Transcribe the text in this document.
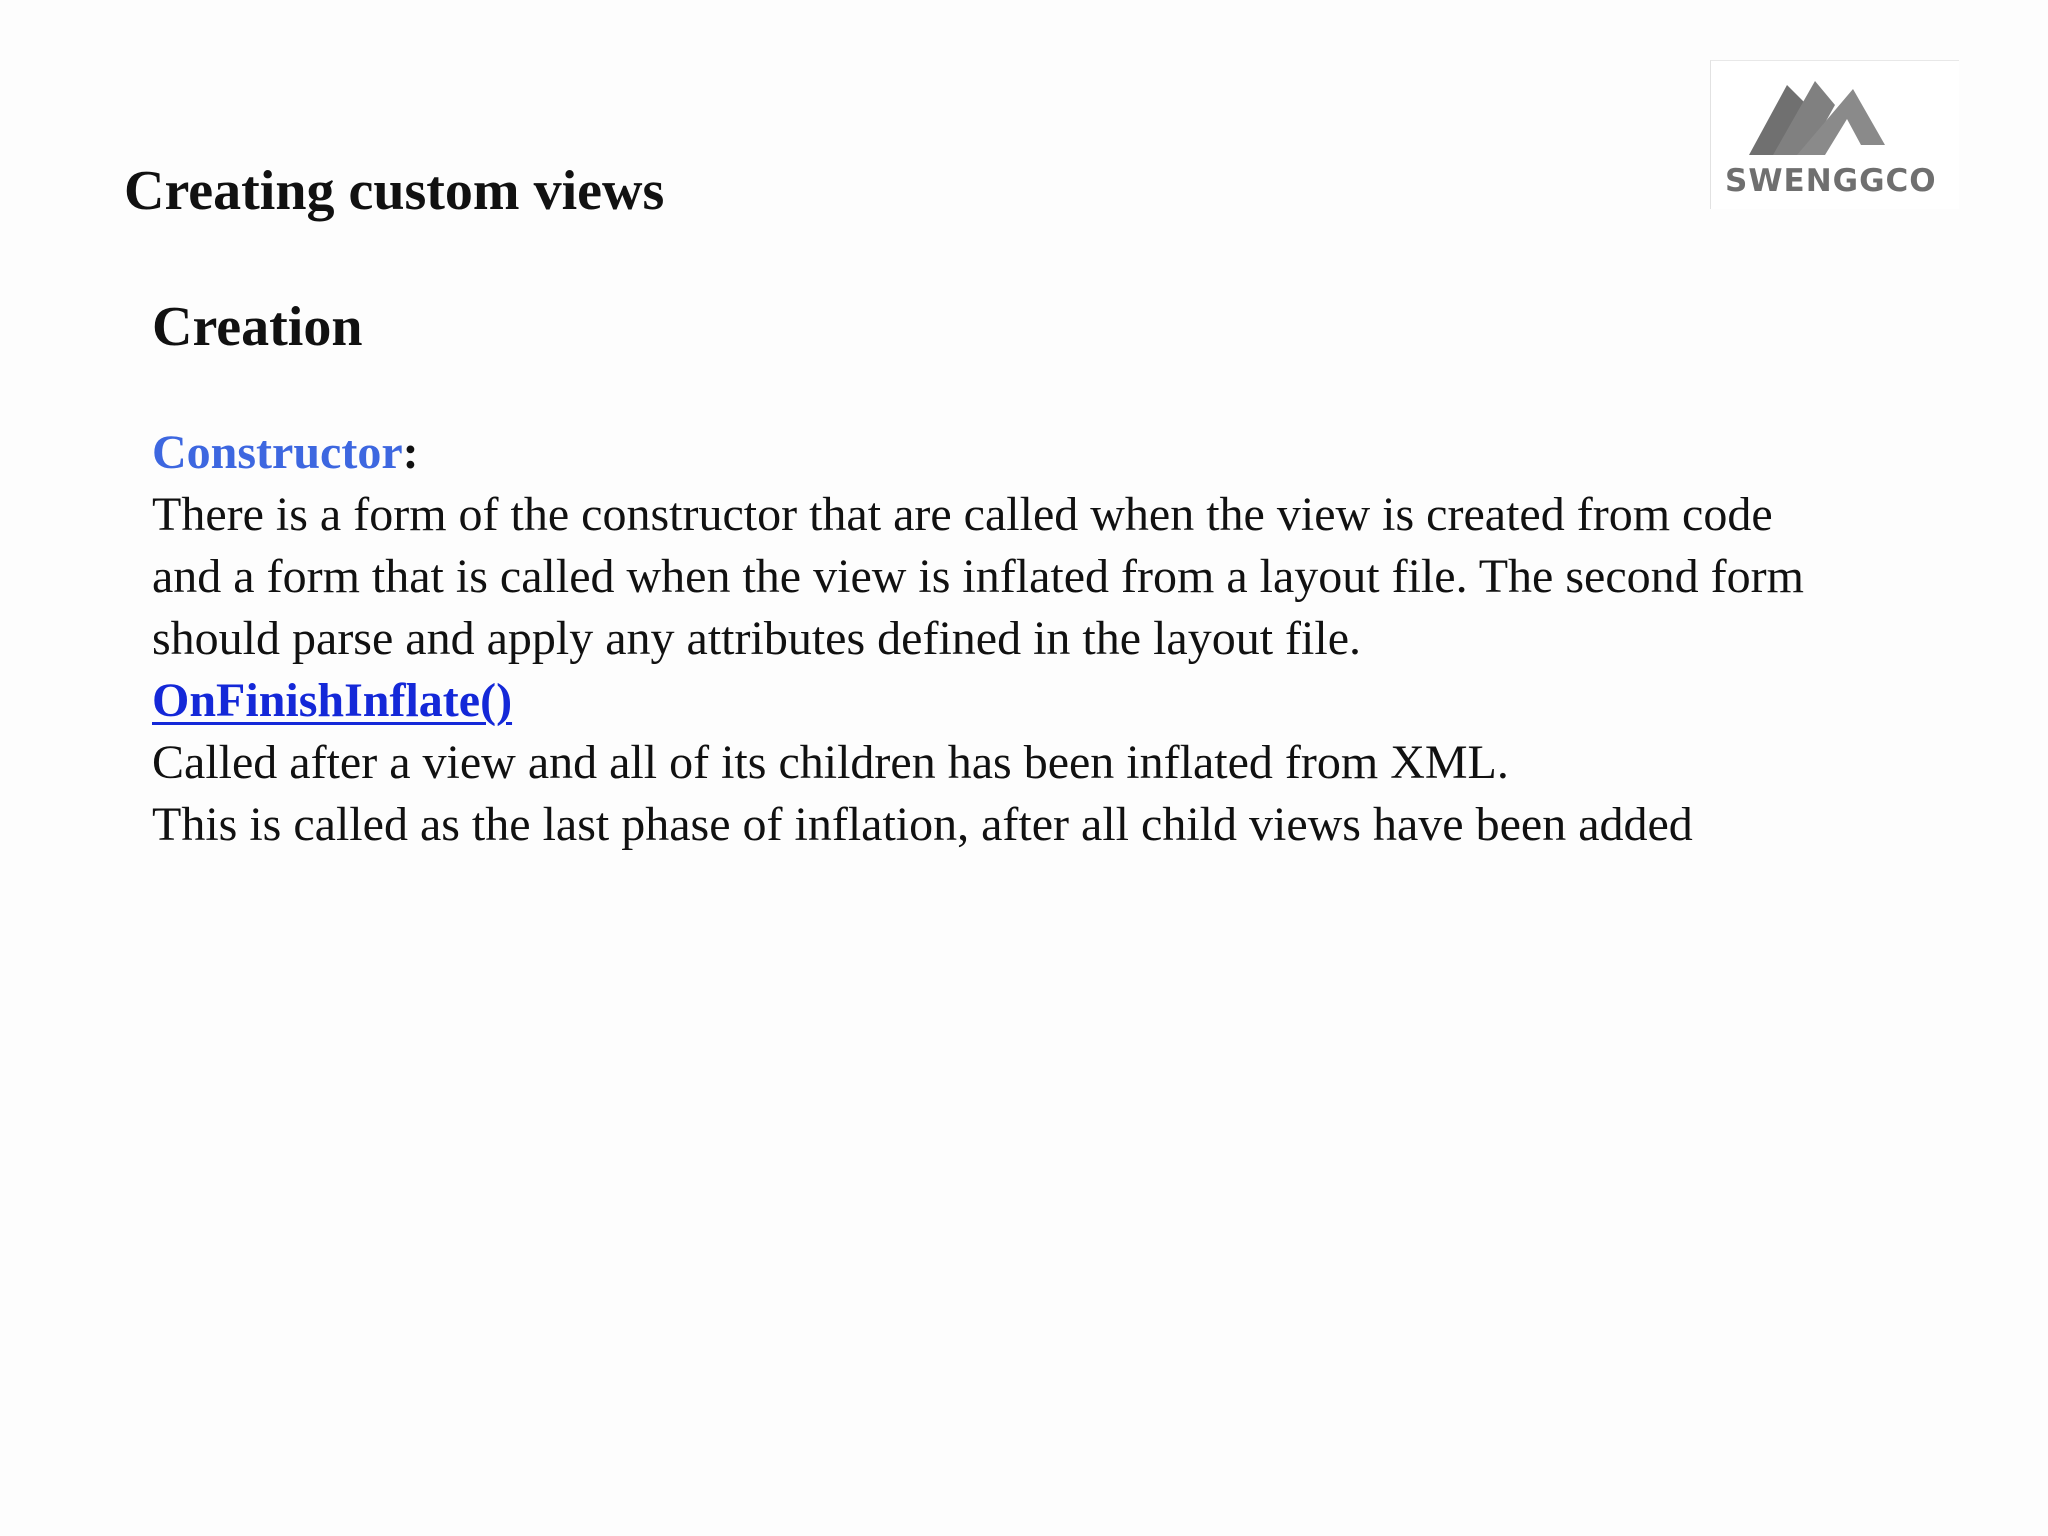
Creating custom views	SWENGGCO
Creation
Constructor:
There is a form of the constructor that are called when the view is created from code
and a form that is called when the view is inflated from a layout file. The second form
should parse and apply any attributes defined in the layout file.
OnFinishInflate()
Called after a view and all of its children has been inflated from XML.
This is called as the last phase of inflation, after all child views have been added
